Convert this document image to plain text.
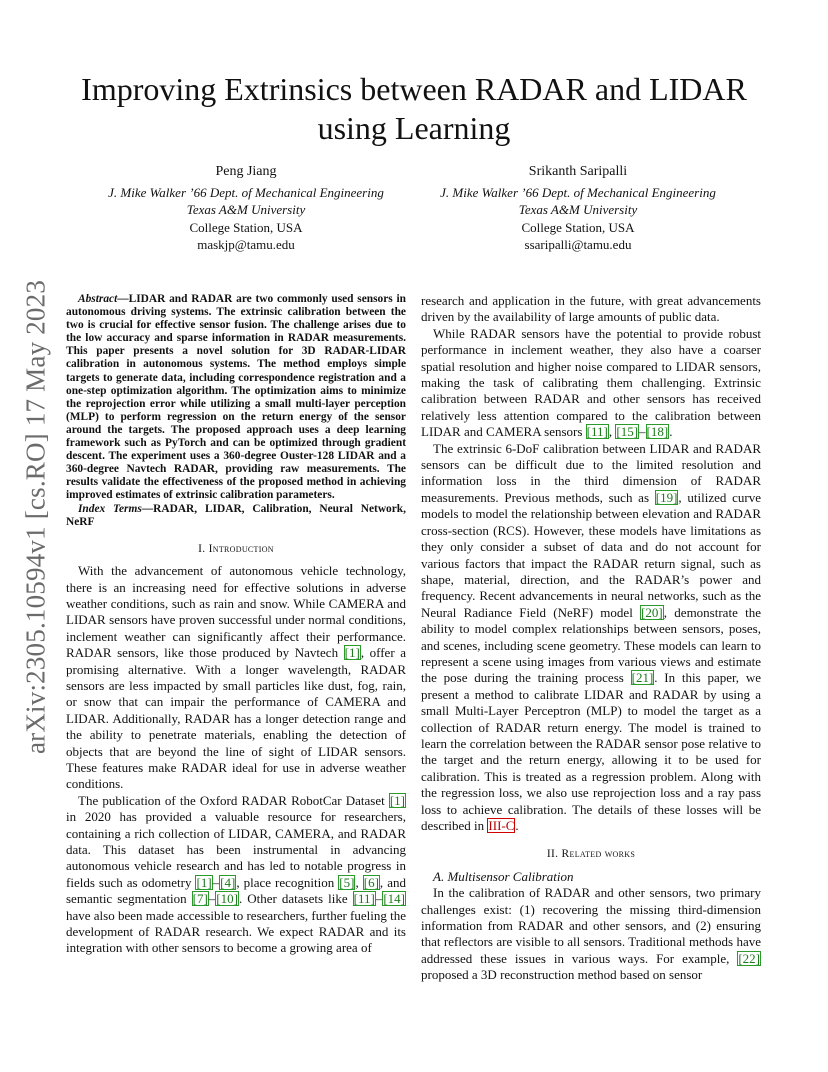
arXiv:2305.10594v1 [cs.RO] 17 May 2023
Improving Extrinsics between RADAR and LIDAR using Learning
Peng Jiang
J. Mike Walker ’66 Dept. of Mechanical Engineering
Texas A&M University
College Station, USA
maskjp@tamu.edu
Srikanth Saripalli
J. Mike Walker ’66 Dept. of Mechanical Engineering
Texas A&M University
College Station, USA
ssaripalli@tamu.edu

Abstract—LIDAR and RADAR are two commonly used sensors in autonomous driving systems. The extrinsic calibration between the two is crucial for effective sensor fusion. The challenge arises due to the low accuracy and sparse information in RADAR measurements. This paper presents a novel solution for 3D RADAR-LIDAR calibration in autonomous systems. The method employs simple targets to generate data, including correspondence registration and a one-step optimization algorithm. The optimization aims to minimize the reprojection error while utilizing a small multi-layer perception (MLP) to perform regression on the return energy of the sensor around the targets. The proposed approach uses a deep learning framework such as PyTorch and can be optimized through gradient descent. The experiment uses a 360-degree Ouster-128 LIDAR and a 360-degree Navtech RADAR, providing raw measurements. The results validate the effectiveness of the proposed method in achieving improved estimates of extrinsic calibration parameters.

Index Terms—RADAR, LIDAR, Calibration, Neural Network, NeRF

I. Introduction

With the advancement of autonomous vehicle technology, there is an increasing need for effective solutions in adverse weather conditions, such as rain and snow. While CAMERA and LIDAR sensors have proven successful under normal conditions, inclement weather can significantly affect their performance. RADAR sensors, like those produced by Navtech [1], offer a promising alternative. With a longer wavelength, RADAR sensors are less impacted by small particles like dust, fog, rain, or snow that can impair the performance of CAMERA and LIDAR. Additionally, RADAR has a longer detection range and the ability to penetrate materials, enabling the detection of objects that are beyond the line of sight of LIDAR sensors. These features make RADAR ideal for use in adverse weather conditions.

The publication of the Oxford RADAR RobotCar Dataset [1] in 2020 has provided a valuable resource for researchers, containing a rich collection of LIDAR, CAMERA, and RADAR data. This dataset has been instrumental in advancing autonomous vehicle research and has led to notable progress in fields such as odometry [1]–[4], place recognition [5], [6], and semantic segmentation [7]–[10]. Other datasets like [11]–[14] have also been made accessible to researchers, further fueling the development of RADAR research. We expect RADAR and its integration with other sensors to become a growing area of

research and application in the future, with great advancements driven by the availability of large amounts of public data.

While RADAR sensors have the potential to provide robust performance in inclement weather, they also have a coarser spatial resolution and higher noise compared to LIDAR sensors, making the task of calibrating them challenging. Extrinsic calibration between RADAR and other sensors has received relatively less attention compared to the calibration between LIDAR and CAMERA sensors [11], [15]–[18].

The extrinsic 6-DoF calibration between LIDAR and RADAR sensors can be difficult due to the limited resolution and information loss in the third dimension of RADAR measurements. Previous methods, such as [19], utilized curve models to model the relationship between elevation and RADAR cross-section (RCS). However, these models have limitations as they only consider a subset of data and do not account for various factors that impact the RADAR return signal, such as shape, material, direction, and the RADAR’s power and frequency. Recent advancements in neural networks, such as the Neural Radiance Field (NeRF) model [20], demonstrate the ability to model complex relationships between sensors, poses, and scenes, including scene geometry. These models can learn to represent a scene using images from various views and estimate the pose during the training process [21]. In this paper, we present a method to calibrate LIDAR and RADAR by using a small Multi-Layer Perceptron (MLP) to model the target as a collection of RADAR return energy. The model is trained to learn the correlation between the RADAR sensor pose relative to the target and the return energy, allowing it to be used for calibration. This is treated as a regression problem. Along with the regression loss, we also use reprojection loss and a ray pass loss to achieve calibration. The details of these losses will be described in III-C.

II. Related works

A. Multisensor Calibration

In the calibration of RADAR and other sensors, two primary challenges exist: (1) recovering the missing third-dimension information from RADAR and other sensors, and (2) ensuring that reflectors are visible to all sensors. Traditional methods have addressed these issues in various ways. For example, [22] proposed a 3D reconstruction method based on sensor
